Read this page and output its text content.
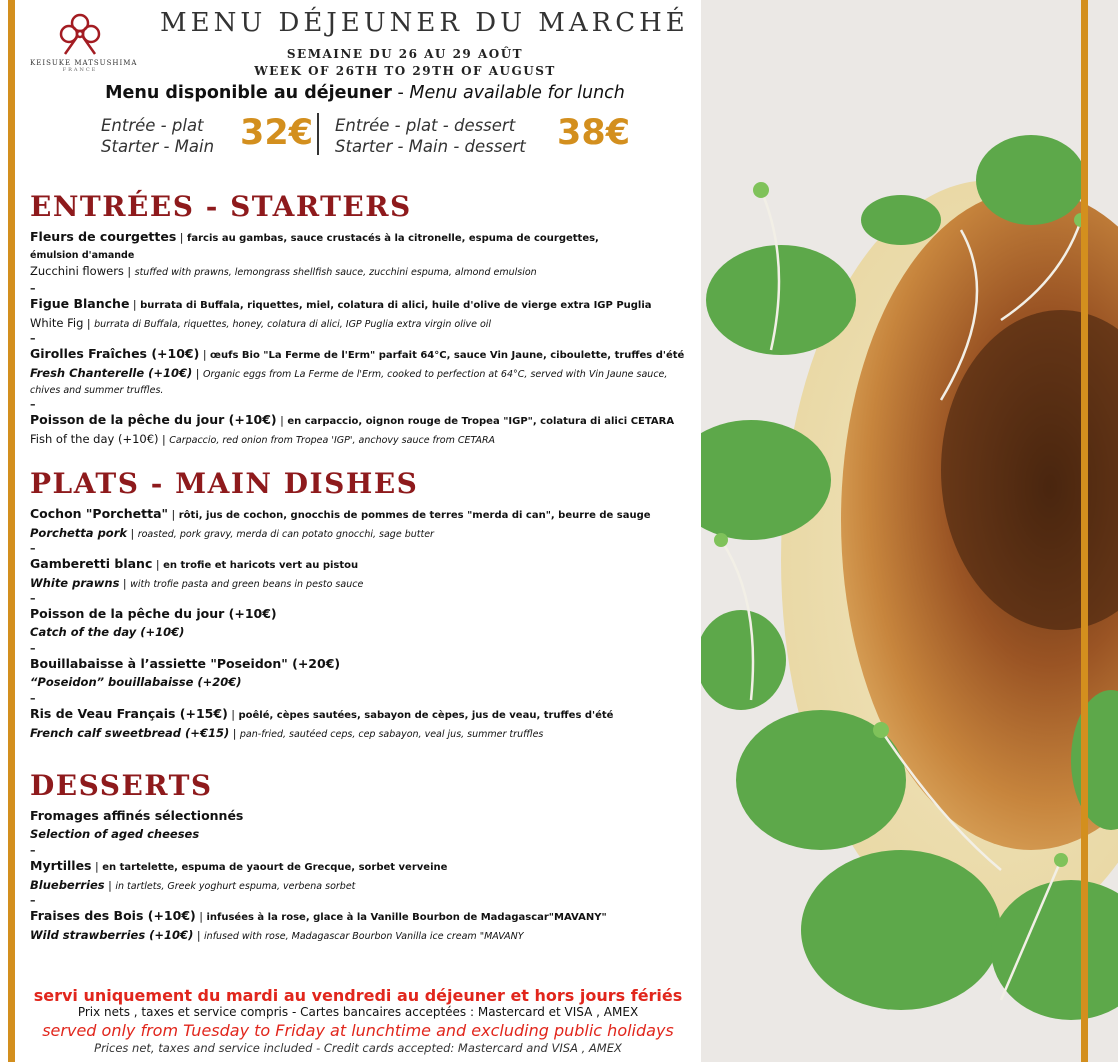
KEISUKE MATSUSHIMA
FRANCE
MENU DÉJEUNER DU MARCHÉ
SEMAINE DU 26 AU 29 AOÛT
WEEK OF 26TH TO 29TH OF AUGUST
Menu disponible au déjeuner - Menu available for lunch
Entrée - plat
Starter - Main 32€ Entrée - plat - dessert
Starter - Main - dessert 38€
ENTRÉES - STARTERS
Fleurs de courgettes | farcis au gambas, sauce crustacés à la citronelle, espuma de courgettes,
émulsion d'amande
Zucchini flowers | stuffed with prawns, lemongrass shellfish sauce, zucchini espuma, almond emulsion
–
Figue Blanche | burrata di Buffala, riquettes, miel, colatura di alici, huile d'olive de vierge extra IGP Puglia
White Fig | burrata di Buffala, riquettes, honey, colatura di alici, IGP Puglia extra virgin olive oil
–
Girolles Fraîches (+10€) | œufs Bio "La Ferme de l'Erm" parfait 64°C, sauce Vin Jaune, ciboulette, truffes d'été
Fresh Chanterelle (+10€) | Organic eggs from La Ferme de l'Erm, cooked to perfection at 64°C, served with Vin Jaune sauce,
chives and summer truffles.
–
Poisson de la pêche du jour (+10€) | en carpaccio, oignon rouge de Tropea "IGP", colatura di alici CETARA
Fish of the day (+10€) | Carpaccio, red onion from Tropea 'IGP', anchovy sauce from CETARA
PLATS - MAIN DISHES
Cochon "Porchetta" | rôti, jus de cochon, gnocchis de pommes de terres "merda di can", beurre de sauge
Porchetta pork | roasted, pork gravy, merda di can potato gnocchi, sage butter
–
Gamberetti blanc | en trofie et haricots vert au pistou
White prawns | with trofie pasta and green beans in pesto sauce
–
Poisson de la pêche du jour (+10€)
Catch of the day (+10€)
–
Bouillabaisse à l’assiette "Poseidon" (+20€)
“Poseidon” bouillabaisse (+20€)
–
Ris de Veau Français (+15€) | poêlé, cèpes sautées, sabayon de cèpes, jus de veau, truffes d'été
French calf sweetbread (+€15) | pan-fried, sautéed ceps, cep sabayon, veal jus, summer truffles
DESSERTS
Fromages affinés sélectionnés
Selection of aged cheeses
–
Myrtilles | en tartelette, espuma de yaourt de Grecque, sorbet verveine
Blueberries | in tartlets, Greek yoghurt espuma, verbena sorbet
–
Fraises des Bois (+10€) | infusées à la rose, glace à la Vanille Bourbon de Madagascar"MAVANY"
Wild strawberries (+10€) | infused with rose, Madagascar Bourbon Vanilla ice cream "MAVANY
servi uniquement du mardi au vendredi au déjeuner et hors jours fériés
Prix nets , taxes et service compris - Cartes bancaires acceptées : Mastercard et VISA , AMEX
served only from Tuesday to Friday at lunchtime and excluding public holidays
Prices net, taxes and service included - Credit cards accepted: Mastercard and VISA , AMEX
